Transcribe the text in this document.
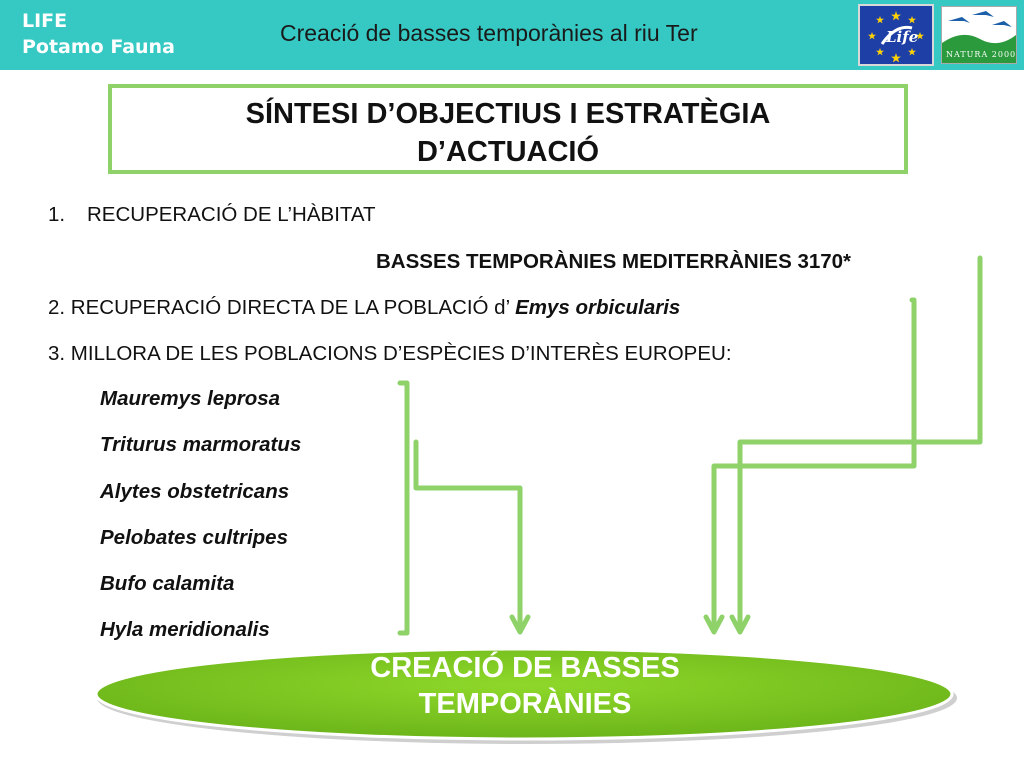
LIFE
Potamo Fauna
Creació de basses temporànies al riu Ter	Life
NATURA 2000
SÍNTESI D’OBJECTIUS I ESTRATÈGIA
D’ACTUACIÓ
1. RECUPERACIÓ DE L’HÀBITAT
BASSES TEMPORÀNIES MEDITERRÀNIES 3170*
2. RECUPERACIÓ DIRECTA DE LA POBLACIÓ d’ Emys orbicularis
3. MILLORA DE LES POBLACIONS D’ESPÈCIES D’INTERÈS EUROPEU:
Mauremys leprosa
Triturus marmoratus
Alytes obstetricans
Pelobates cultripes
Bufo calamita
Hyla meridionalis
CREACIÓ DE BASSES
TEMPORÀNIES
